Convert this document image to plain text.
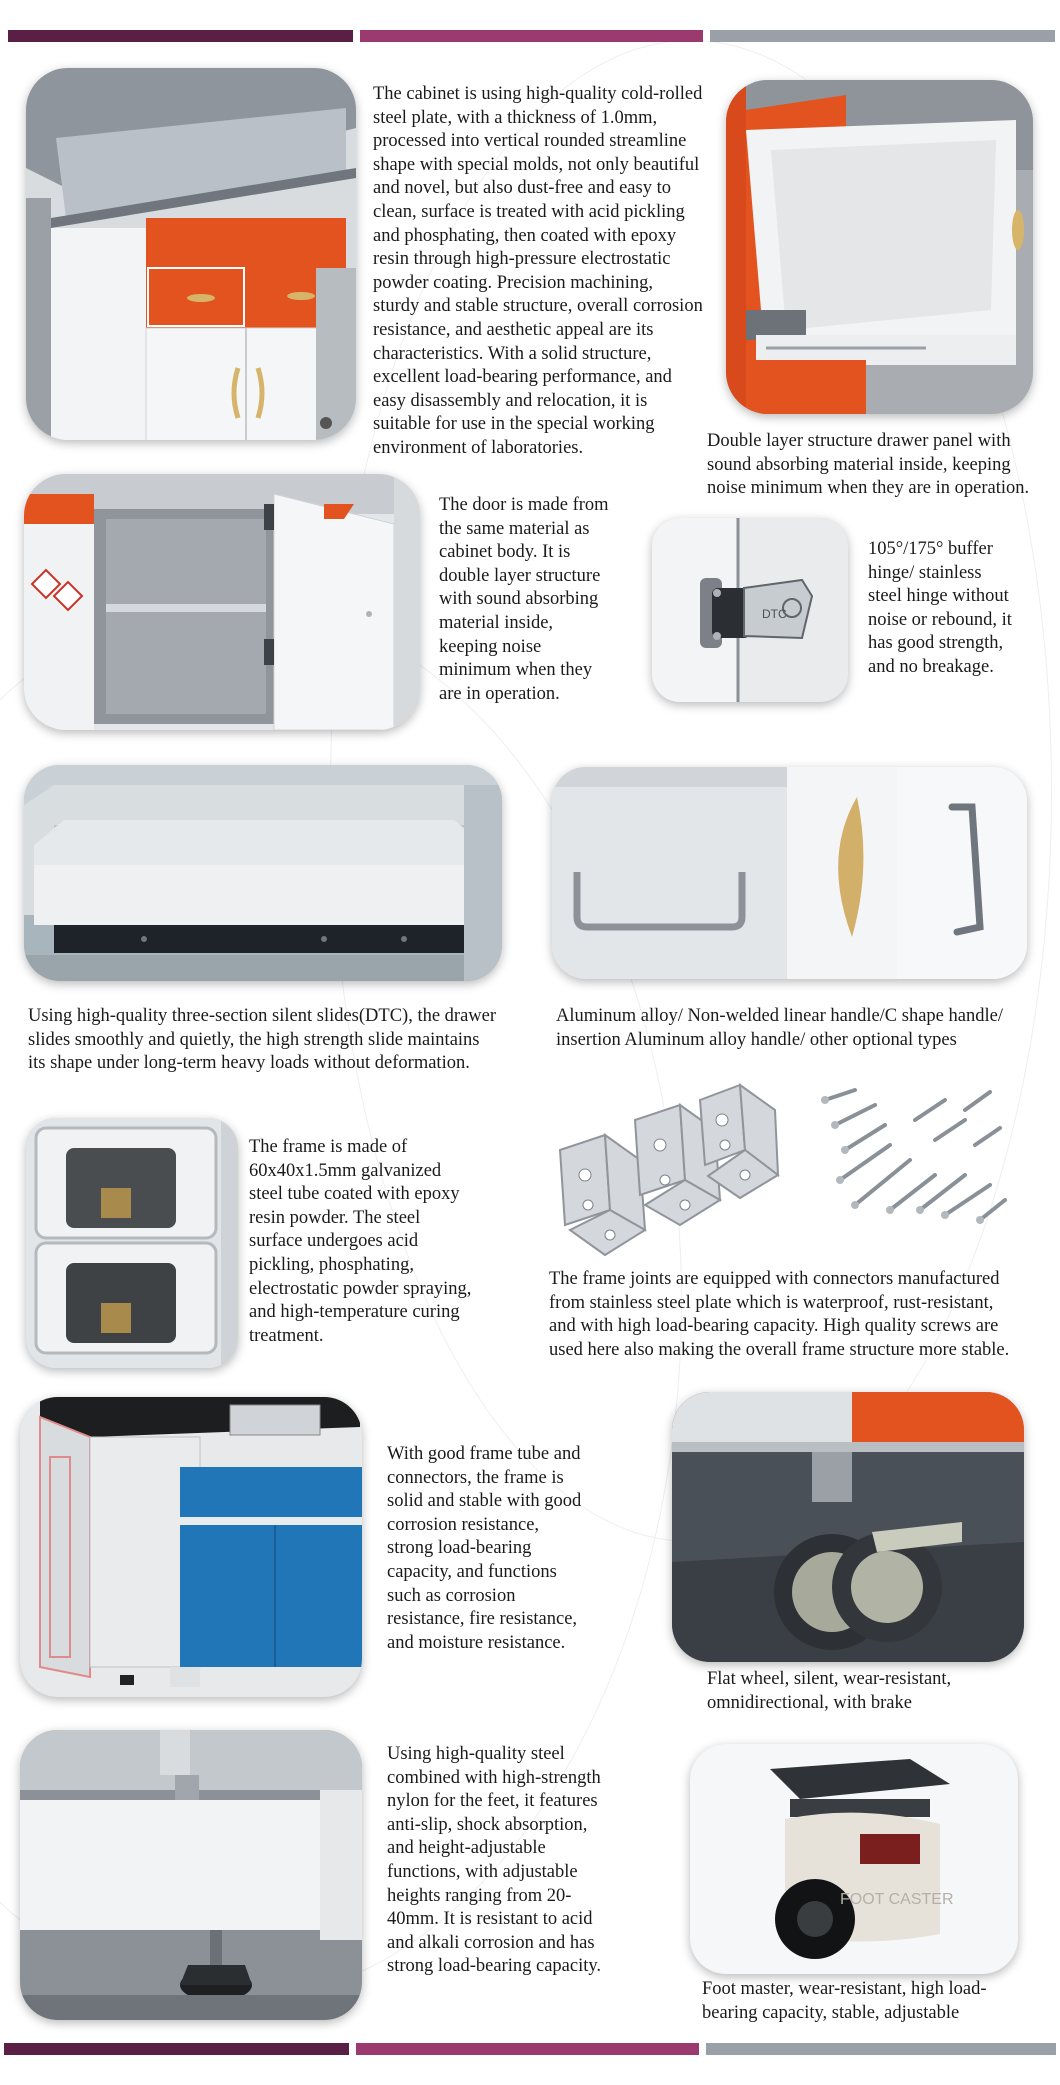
The cabinet is using high-quality cold-rolled
steel plate, with a thickness of 1.0mm,
processed into vertical rounded streamline
shape with special molds, not only beautiful
and novel, but also dust-free and easy to
clean, surface is treated with acid pickling
and phosphating, then coated with epoxy
resin through high-pressure electrostatic
powder coating. Precision machining,
sturdy and stable structure, overall corrosion
resistance, and aesthetic appeal are its
characteristics. With a solid structure,
excellent load-bearing performance, and
easy disassembly and relocation, it is
suitable for use in the special working
environment of laboratories.	Double layer structure drawer panel with
sound absorbing material inside, keeping
noise minimum when they are in operation.
The door is made from
the same material as
cabinet body. It is
double layer structure
with sound absorbing
material inside,
keeping noise
minimum when they
are in operation.
DTC
105°/175° buffer
hinge/ stainless
steel hinge without
noise or rebound, it
has good strength,
and no breakage.
Using high-quality three-section silent slides(DTC), the drawer
slides smoothly and quietly, the high strength slide maintains
its shape under long-term heavy loads without deformation.
Aluminum alloy/ Non-welded linear handle/C shape handle/
insertion Aluminum alloy handle/ other optional types
The frame is made of
60x40x1.5mm galvanized
steel tube coated with epoxy
resin powder. The steel
surface undergoes acid
pickling, phosphating,
electrostatic powder spraying,
and high-temperature curing
treatment.
The frame joints are equipped with connectors manufactured
from stainless steel plate which is waterproof, rust-resistant,
and with high load-bearing capacity. High quality screws are
used here also making the overall frame structure more stable.
With good frame tube and
connectors, the frame is
solid and stable with good
corrosion resistance,
strong load-bearing
capacity, and functions
such as corrosion
resistance, fire resistance,
and moisture resistance.
Flat wheel, silent, wear-resistant,
omnidirectional, with brake
Using high-quality steel
combined with high-strength
nylon for the feet, it features
anti-slip, shock absorption,
and height-adjustable
functions, with adjustable
heights ranging from 20-
40mm. It is resistant to acid
and alkali corrosion and has
strong load-bearing capacity.
FOOT CASTER
Foot master, wear-resistant, high load-
bearing capacity, stable, adjustable
